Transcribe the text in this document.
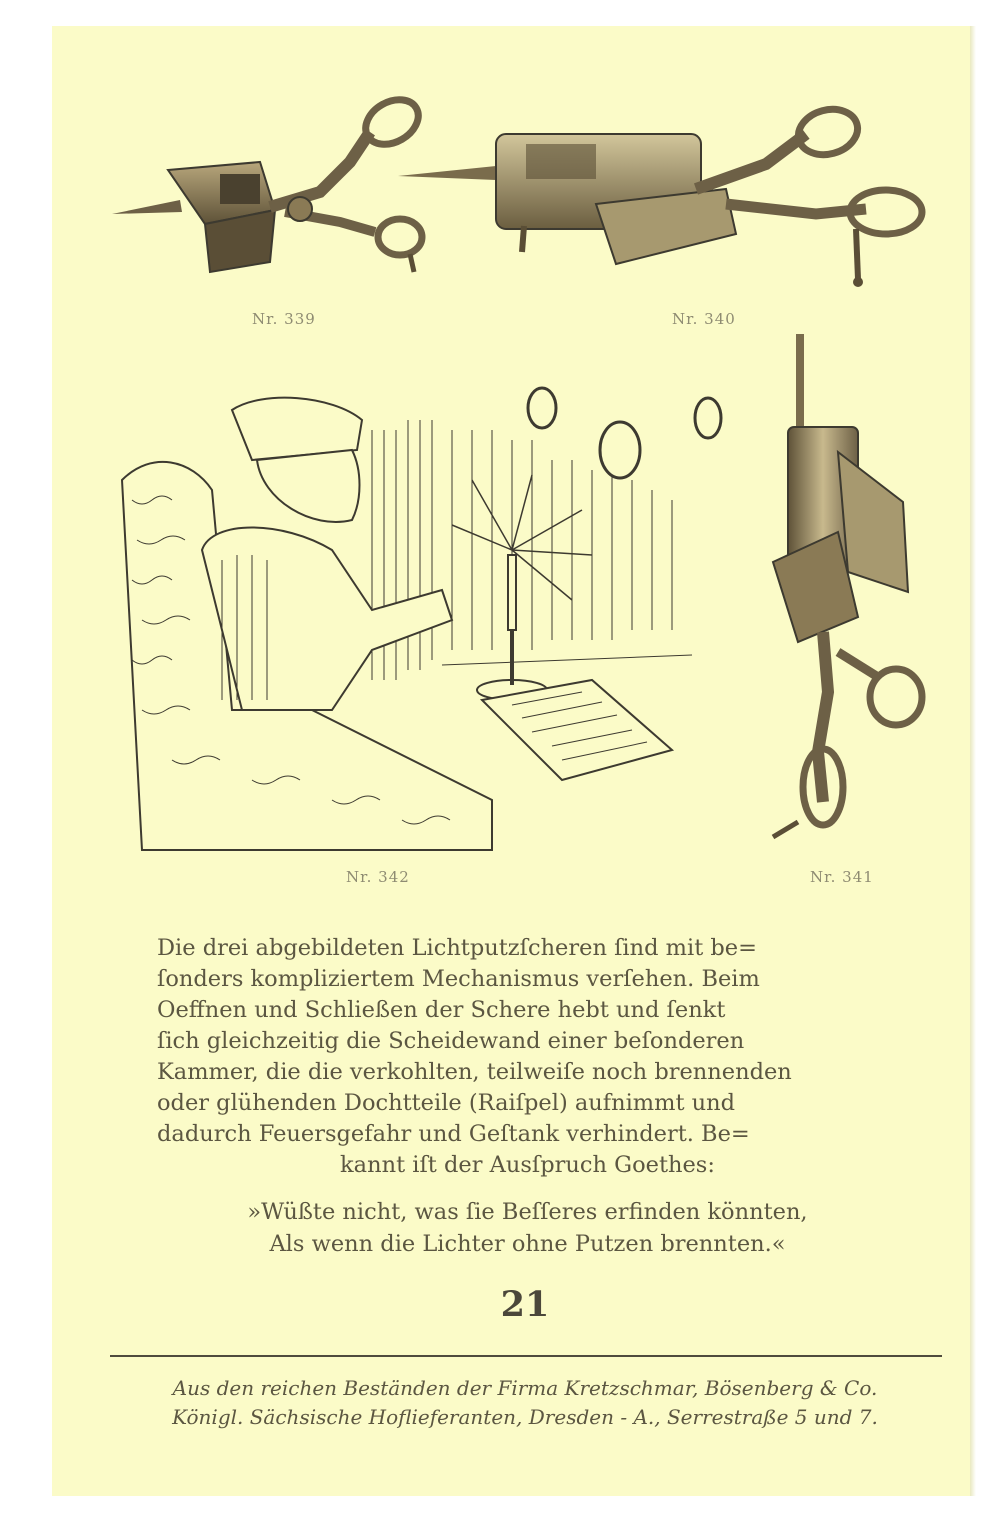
Nr. 339	Nr. 340
Nr. 342	Nr. 341
Die drei abgebildeten Lichtputzſcheren ſind mit be=
ſonders kompliziertem Mechanismus verſehen. Beim
Oeffnen und Schließen der Schere hebt und ſenkt
ſich gleichzeitig die Scheidewand einer beſonderen
Kammer, die die verkohlten, teilweiſe noch brennenden
oder glühenden Dochtteile (Raiſpel) aufnimmt und
dadurch Feuersgefahr und Geſtank verhindert. Be=
kannt iſt der Ausſpruch Goethes:
»Wüßte nicht, was ſie Beſſeres erfinden könnten,
Als wenn die Lichter ohne Putzen brennten.«
21
Aus den reichen Beständen der Firma Kretzschmar, Bösenberg & Co.
Königl. Sächsische Hoflieferanten, Dresden - A., Serrestraße 5 und 7.
